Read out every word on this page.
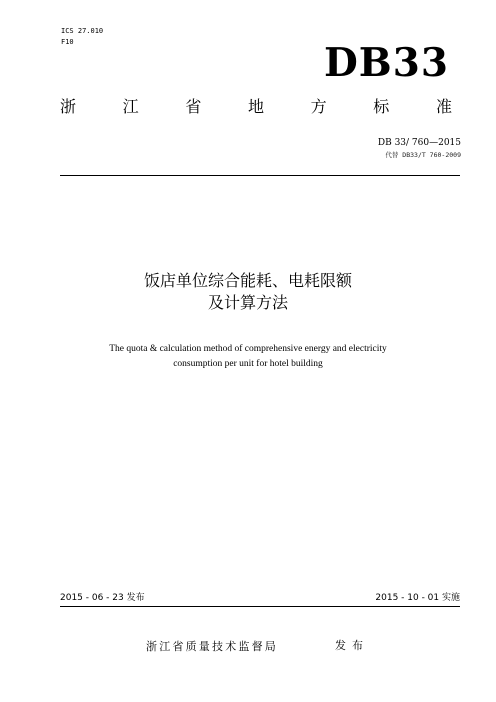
ICS 27.010
F10	DB33
浙	江	省	地	方	标	准
DB 33/ 760—2015
代替 DB33/T 760-2009
饭店单位综合能耗、电耗限额
及计算方法
The quota & calculation method of comprehensive energy and electricity
consumption per unit for hotel building
2015 - 06 - 23 发布	2015 - 10 - 01 实施
浙江省质量技术监督局	发布
